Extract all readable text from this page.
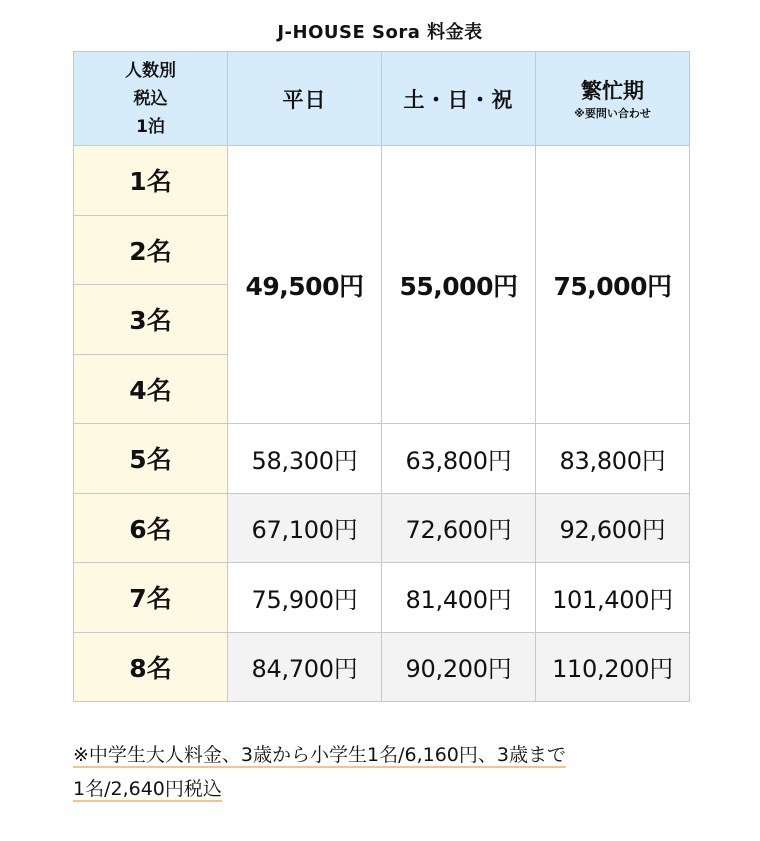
J-HOUSE Sora 料金表
人数別
税込
1泊	平日	土・日・祝	繁忙期
※要問い合わせ

1名	49,500円	55,000円	75,000円
2名			
3名			
4名			
5名	58,300円	63,800円	83,800円
6名	67,100円	72,600円	92,600円
7名	75,900円	81,400円	101,400円
8名	84,700円	90,200円	110,200円
※中学生大人料金、3歳から小学生1名/6,160円、3歳まで
1名/2,640円税込
